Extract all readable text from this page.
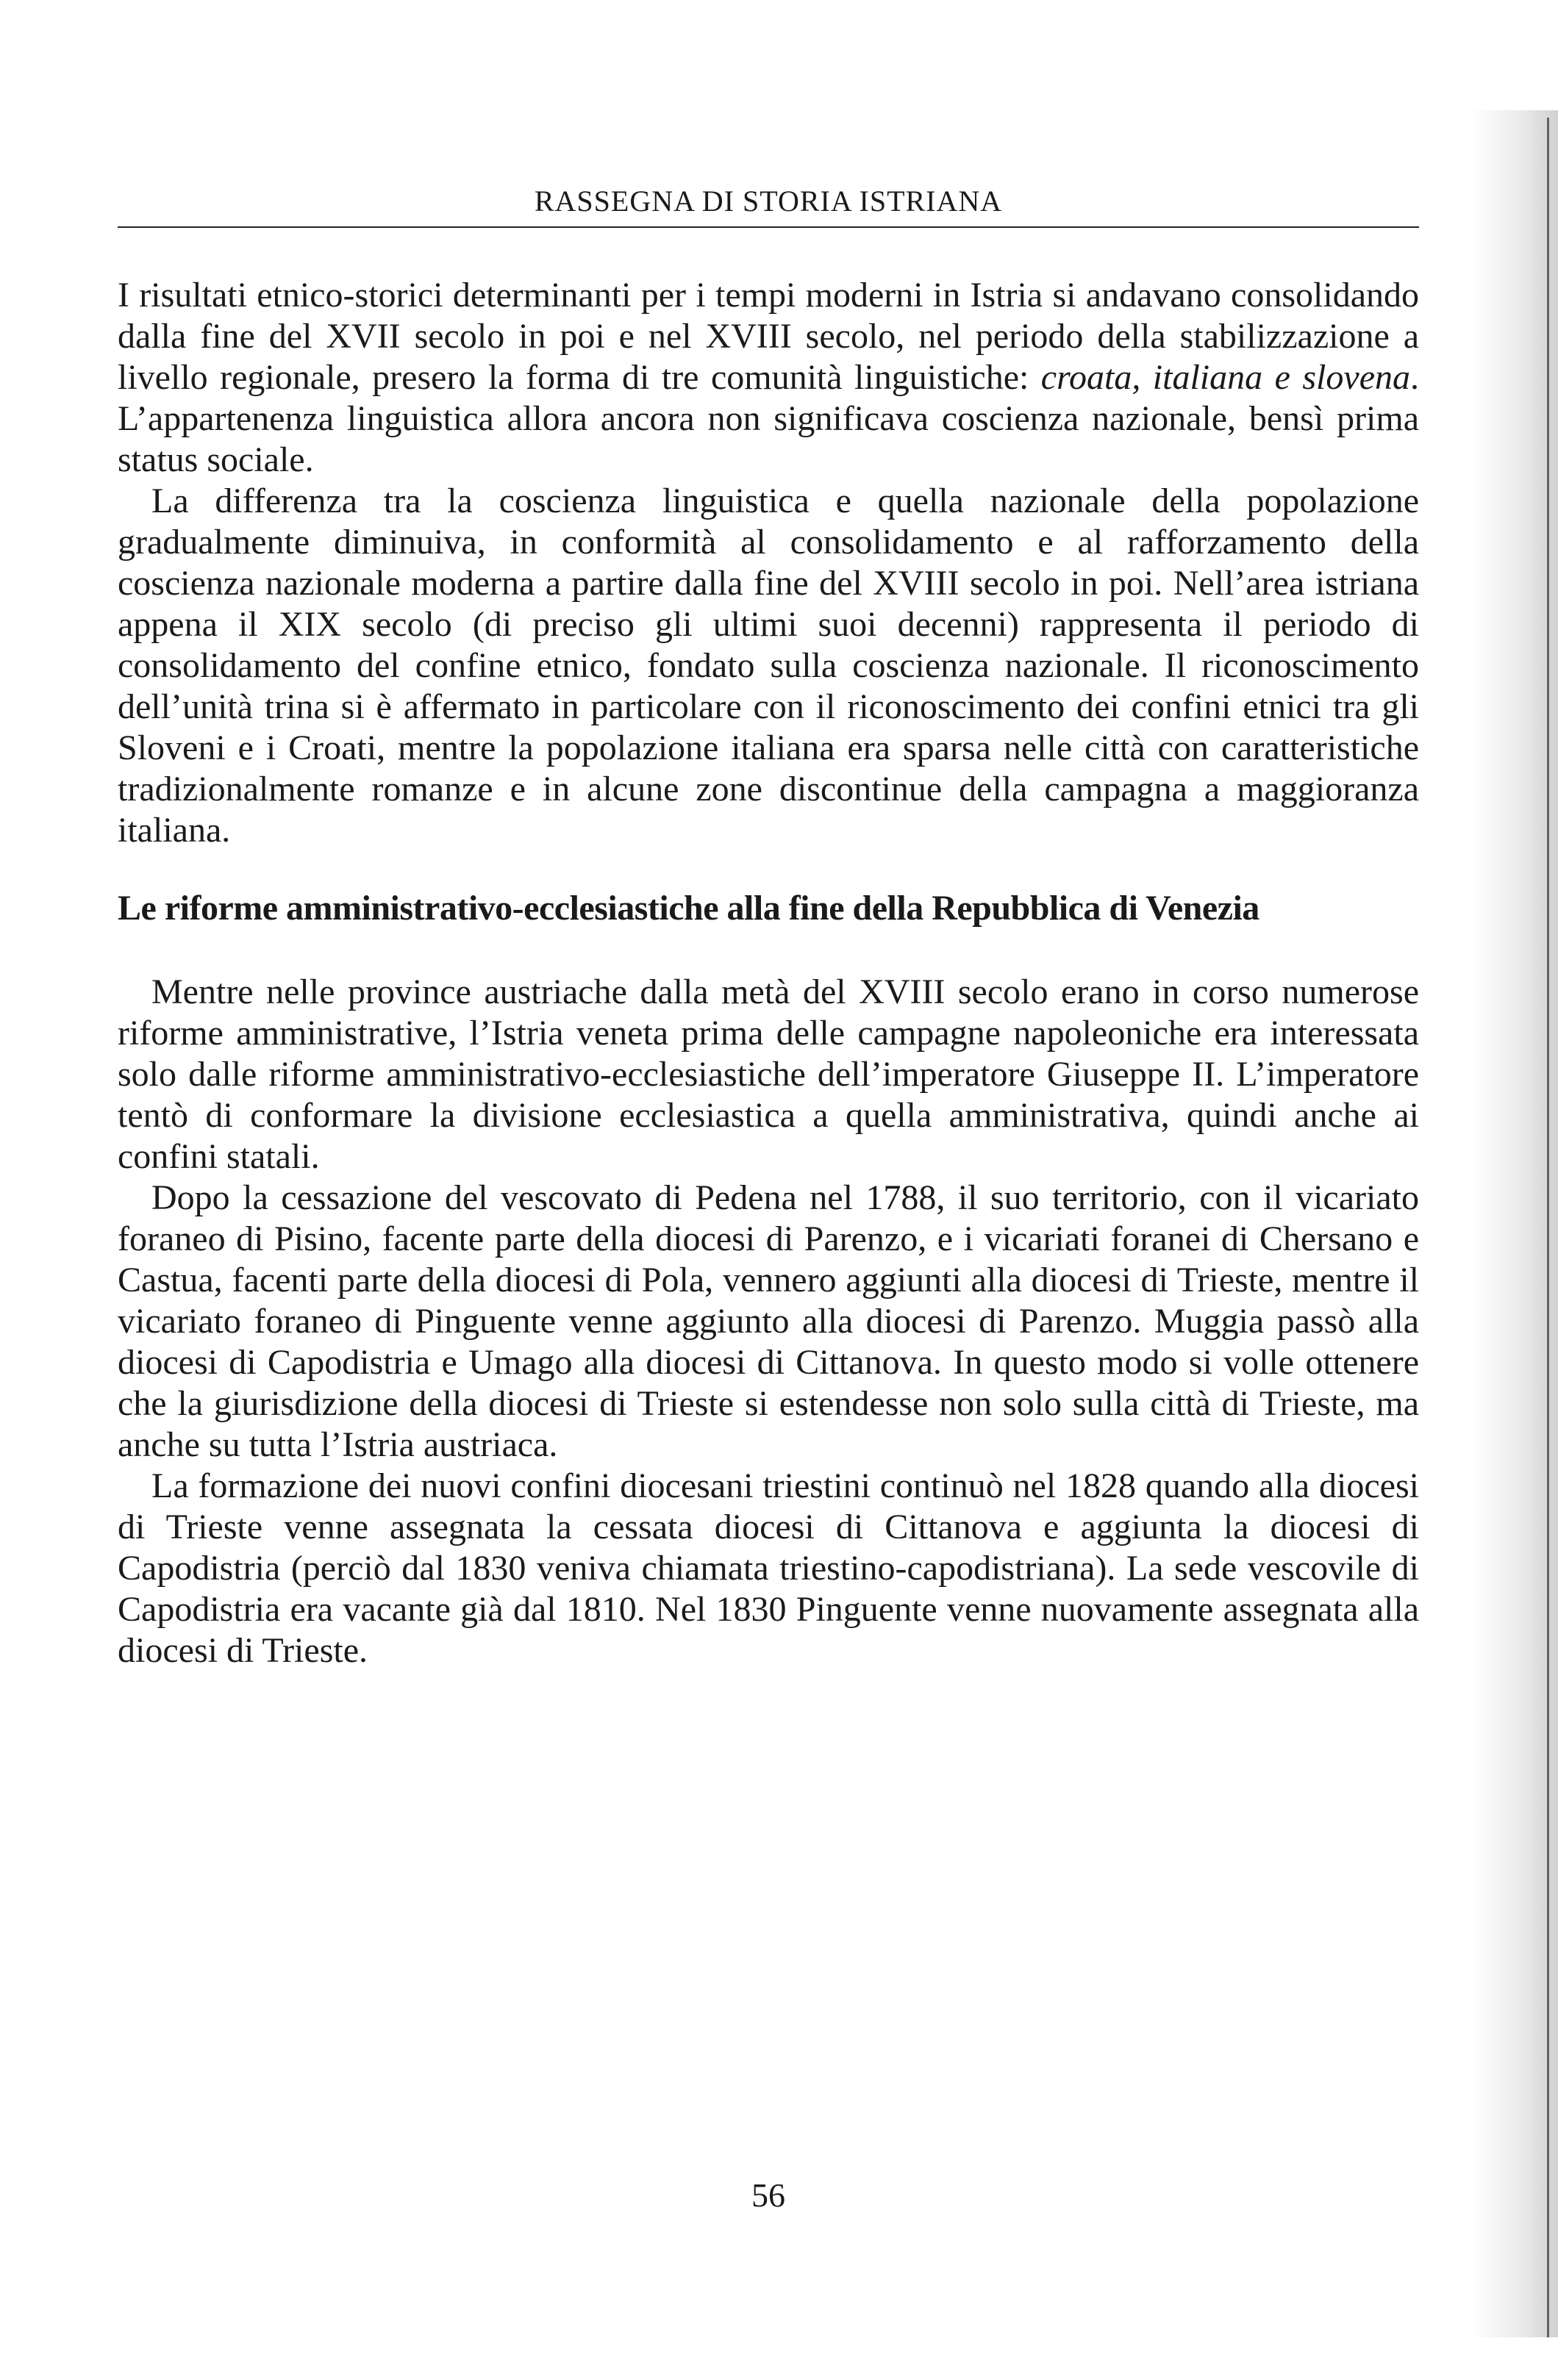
RASSEGNA DI STORIA ISTRIANA

I risultati etnico-storici determinanti per i tempi moderni in Istria si andavano consolidando dalla fine del XVII secolo in poi e nel XVIII secolo, nel periodo della stabilizzazione a livello regionale, presero la forma di tre comunità linguistiche: croata, italiana e slovena. L’appartenenza linguistica allora ancora non significava coscienza nazionale, bensì prima status sociale.

La differenza tra la coscienza linguistica e quella nazionale della popolazione gradualmente diminuiva, in conformità al consolidamento e al rafforzamento della coscienza nazionale moderna a partire dalla fine del XVIII secolo in poi. Nell’area istriana appena il XIX secolo (di preciso gli ultimi suoi decenni) rappresenta il periodo di consolidamento del confine etnico, fondato sulla coscienza nazionale. Il riconoscimento dell’unità trina si è affermato in particolare con il riconoscimento dei confini etnici tra gli Sloveni e i Croati, mentre la popolazione italiana era sparsa nelle città con caratteristiche tradizionalmente romanze e in alcune zone discontinue della campagna a maggioranza italiana.

Le riforme amministrativo-ecclesiastiche alla fine della Repubblica di Venezia

Mentre nelle province austriache dalla metà del XVIII secolo erano in corso numerose riforme amministrative, l’Istria veneta prima delle campagne napoleoniche era interessata solo dalle riforme amministrativo-ecclesiastiche dell’imperatore Giuseppe II. L’imperatore tentò di conformare la divisione ecclesiastica a quella amministrativa, quindi anche ai confini statali.

Dopo la cessazione del vescovato di Pedena nel 1788, il suo territorio, con il vicariato foraneo di Pisino, facente parte della diocesi di Parenzo, e i vicariati foranei di Chersano e Castua, facenti parte della diocesi di Pola, vennero aggiunti alla diocesi di Trieste, mentre il vicariato foraneo di Pinguente venne aggiunto alla diocesi di Parenzo. Muggia passò alla diocesi di Capodistria e Umago alla diocesi di Cittanova. In questo modo si volle ottenere che la giurisdizione della diocesi di Trieste si estendesse non solo sulla città di Trieste, ma anche su tutta l’Istria austriaca.

La formazione dei nuovi confini diocesani triestini continuò nel 1828 quando alla diocesi di Trieste venne assegnata la cessata diocesi di Cittanova e aggiunta la diocesi di Capodistria (perciò dal 1830 veniva chiamata triestino-capodistriana). La sede vescovile di Capodistria era vacante già dal 1810. Nel 1830 Pinguente venne nuovamente assegnata alla diocesi di Trieste.

56
